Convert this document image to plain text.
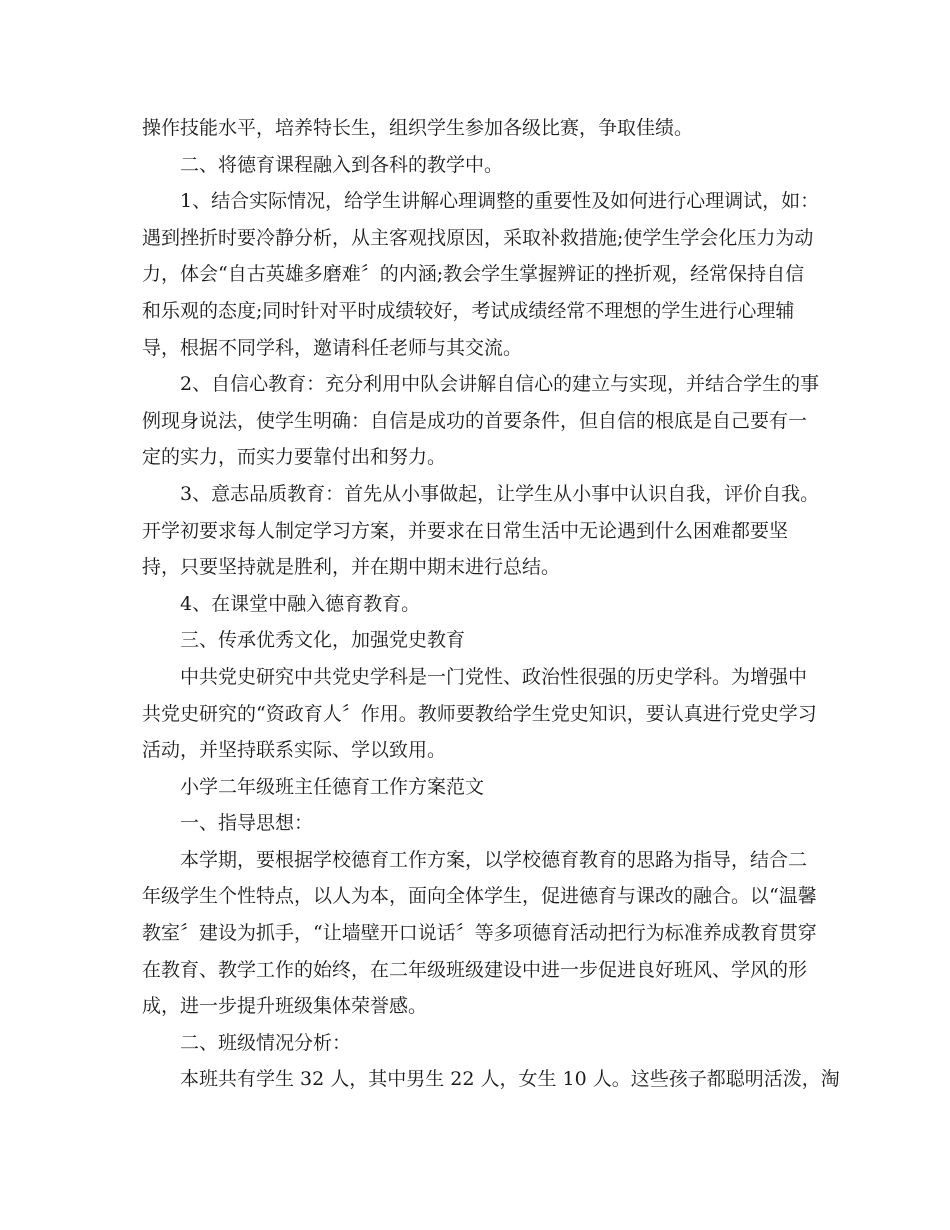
操作技能水平，培养特长生，组织学生参加各级比赛，争取佳绩。
二、将德育课程融入到各科的教学中。
1、结合实际情况，给学生讲解心理调整的重要性及如何进行心理调试，如：
遇到挫折时要冷静分析，从主客观找原因，采取补救措施;使学生学会化压力为动
力，体会“自古英雄多磨难〞的内涵;教会学生掌握辨证的挫折观，经常保持自信
和乐观的态度;同时针对平时成绩较好，考试成绩经常不理想的学生进行心理辅
导，根据不同学科，邀请科任老师与其交流。
2、自信心教育：充分利用中队会讲解自信心的建立与实现，并结合学生的事
例现身说法，使学生明确：自信是成功的首要条件，但自信的根底是自己要有一
定的实力，而实力要靠付出和努力。
3、意志品质教育：首先从小事做起，让学生从小事中认识自我，评价自我。
开学初要求每人制定学习方案，并要求在日常生活中无论遇到什么困难都要坚
持，只要坚持就是胜利，并在期中期末进行总结。
4、在课堂中融入德育教育。
三、传承优秀文化，加强党史教育
中共党史研究中共党史学科是一门党性、政治性很强的历史学科。为增强中
共党史研究的“资政育人〞作用。教师要教给学生党史知识，要认真进行党史学习
活动，并坚持联系实际、学以致用。
小学二年级班主任德育工作方案范文
一、指导思想：
本学期，要根据学校德育工作方案，以学校德育教育的思路为指导，结合二
年级学生个性特点，以人为本，面向全体学生，促进德育与课改的融合。以“温馨
教室〞建设为抓手，“让墙壁开口说话〞等多项德育活动把行为标准养成教育贯穿
在教育、教学工作的始终，在二年级班级建设中进一步促进良好班风、学风的形
成，进一步提升班级集体荣誉感。
二、班级情况分析：
本班共有学生 32 人，其中男生 22 人，女生 10 人。这些孩子都聪明活泼，淘
